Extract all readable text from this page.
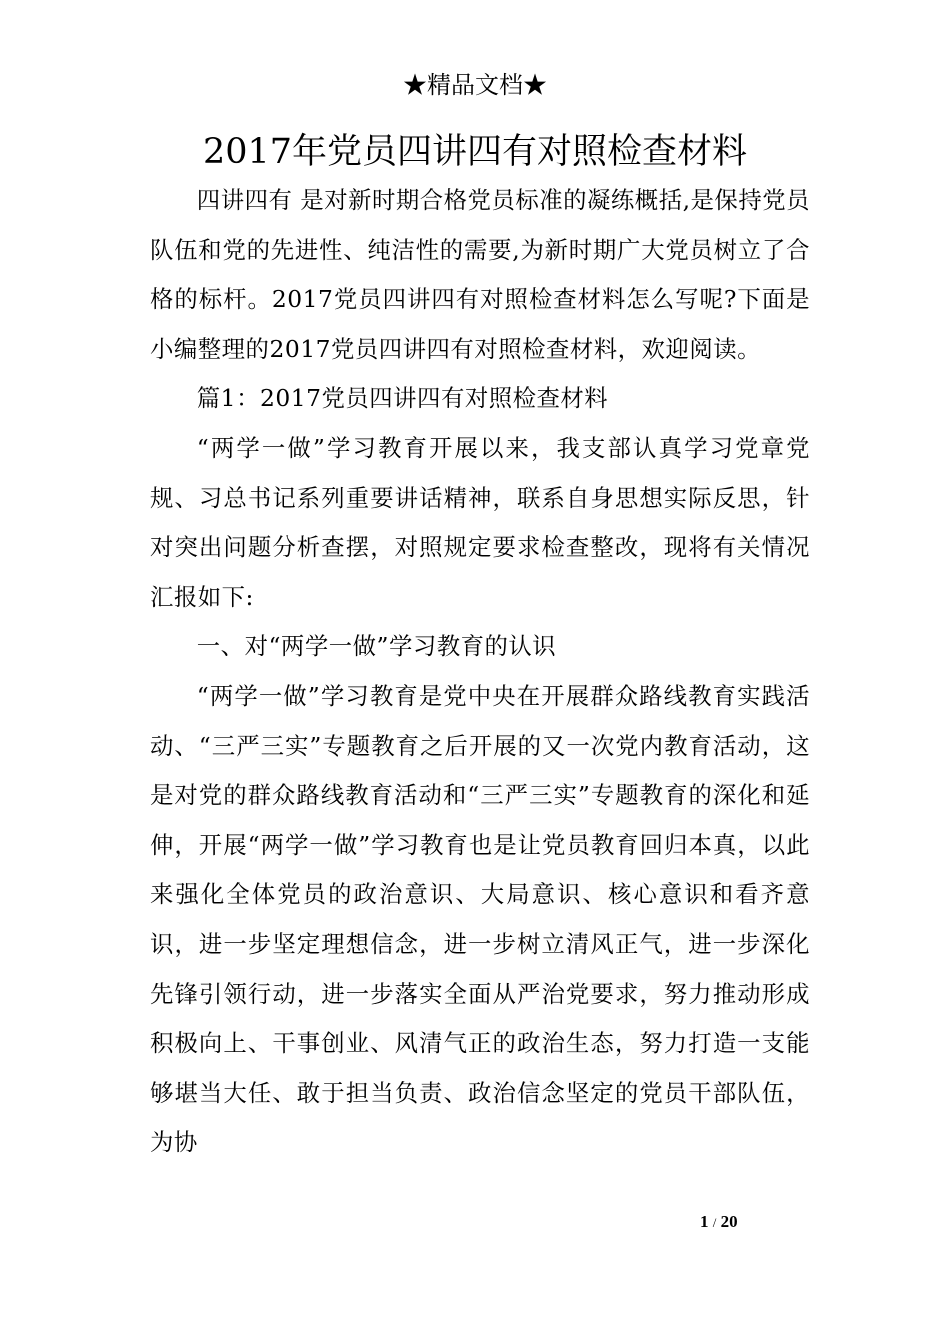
★精品文档★
2017年党员四讲四有对照检查材料

四讲四有 是对新时期合格党员标准的凝练概括,是保持党员队伍和党的先进性、纯洁性的需要,为新时期广大党员树立了合格的标杆。2017党员四讲四有对照检查材料怎么写呢?下面是小编整理的2017党员四讲四有对照检查材料，欢迎阅读。

篇1：2017党员四讲四有对照检查材料

“两学一做”学习教育开展以来，我支部认真学习党章党规、习总书记系列重要讲话精神，联系自身思想实际反思，针对突出问题分析查摆，对照规定要求检查整改，现将有关情况汇报如下:

一、对“两学一做”学习教育的认识

“两学一做”学习教育是党中央在开展群众路线教育实践活动、“三严三实”专题教育之后开展的又一次党内教育活动，这是对党的群众路线教育活动和“三严三实”专题教育的深化和延伸，开展“两学一做”学习教育也是让党员教育回归本真，以此来强化全体党员的政治意识、大局意识、核心意识和看齐意识，进一步坚定理想信念，进一步树立清风正气，进一步深化先锋引领行动，进一步落实全面从严治党要求，努力推动形成积极向上、干事创业、风清气正的政治生态，努力打造一支能够堪当大任、敢于担当负责、政治信念坚定的党员干部队伍，为协

1 / 20
